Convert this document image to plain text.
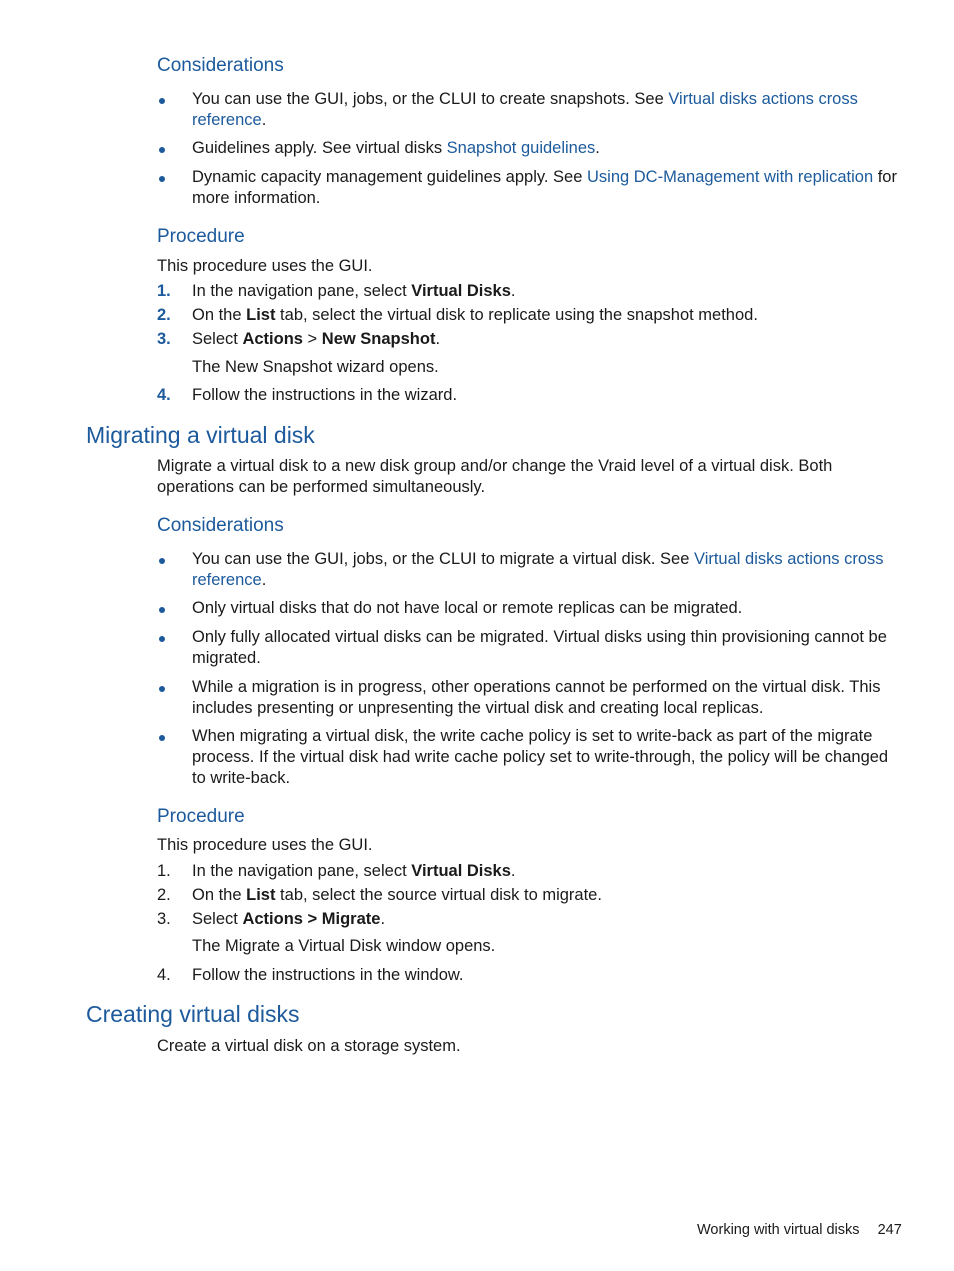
Considerations

You can use the GUI, jobs, or the CLUI to create snapshots. See Virtual disks actions cross reference.

Guidelines apply. See virtual disks Snapshot guidelines.

Dynamic capacity management guidelines apply. See Using DC-Management with replication for more information.

Procedure

This procedure uses the GUI.

1. In the navigation pane, select Virtual Disks.

2. On the List tab, select the virtual disk to replicate using the snapshot method.

3. Select Actions > New Snapshot.

The New Snapshot wizard opens.

4. Follow the instructions in the wizard.

Migrating a virtual disk

Migrate a virtual disk to a new disk group and/or change the Vraid level of a virtual disk. Both operations can be performed simultaneously.

Considerations

You can use the GUI, jobs, or the CLUI to migrate a virtual disk. See Virtual disks actions cross reference.

Only virtual disks that do not have local or remote replicas can be migrated.

Only fully allocated virtual disks can be migrated. Virtual disks using thin provisioning cannot be migrated.

While a migration is in progress, other operations cannot be performed on the virtual disk. This includes presenting or unpresenting the virtual disk and creating local replicas.

When migrating a virtual disk, the write cache policy is set to write-back as part of the migrate process. If the virtual disk had write cache policy set to write-through, the policy will be changed to write-back.

Procedure

This procedure uses the GUI.

1. In the navigation pane, select Virtual Disks.

2. On the List tab, select the source virtual disk to migrate.

3. Select Actions > Migrate.

The Migrate a Virtual Disk window opens.

4. Follow the instructions in the window.

Creating virtual disks

Create a virtual disk on a storage system.

Working with virtual disks 247
